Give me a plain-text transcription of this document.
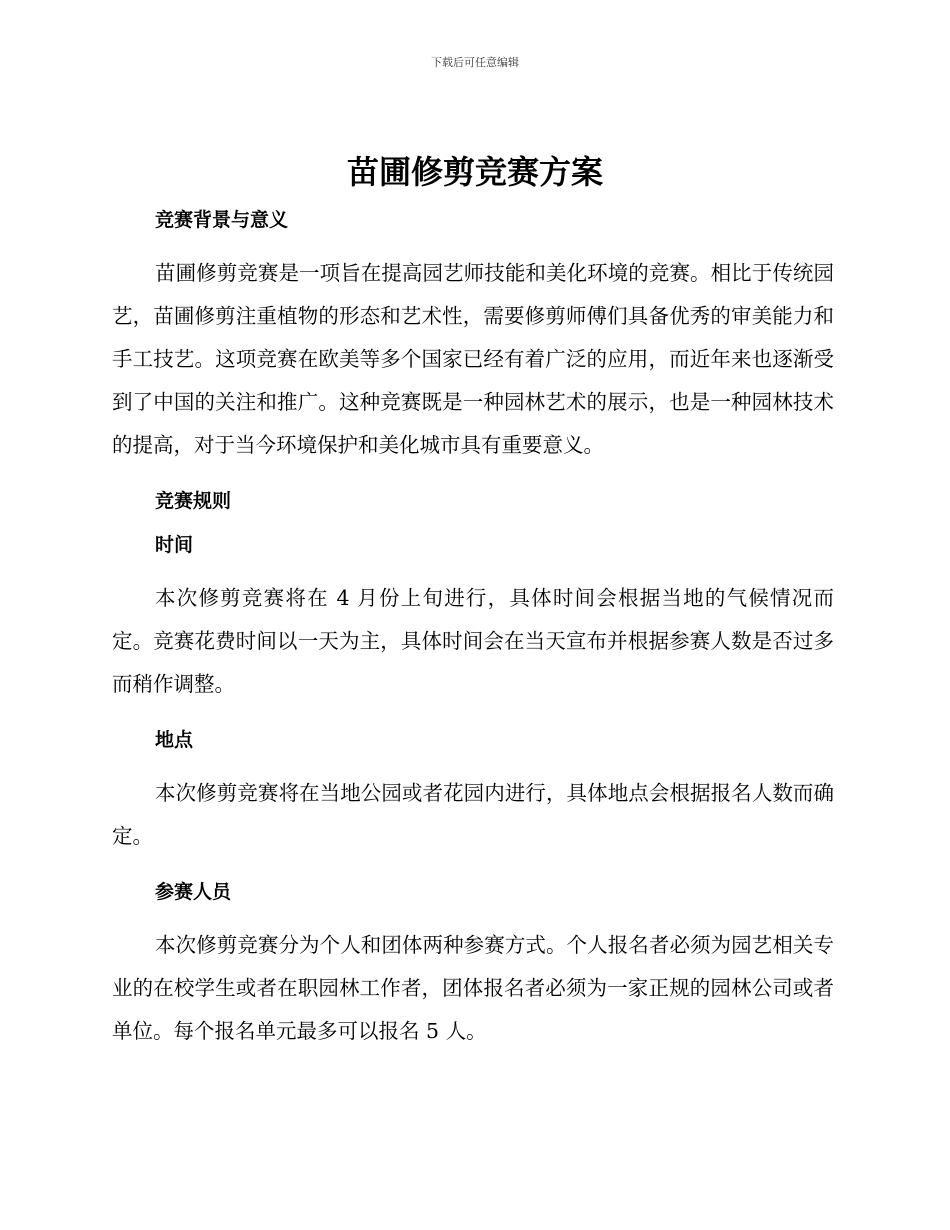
下载后可任意编辑
苗圃修剪竞赛方案
竞赛背景与意义

苗圃修剪竞赛是一项旨在提高园艺师技能和美化环境的竞赛。相比于传统园艺，苗圃修剪注重植物的形态和艺术性，需要修剪师傅们具备优秀的审美能力和手工技艺。这项竞赛在欧美等多个国家已经有着广泛的应用，而近年来也逐渐受到了中国的关注和推广。这种竞赛既是一种园林艺术的展示，也是一种园林技术的提高，对于当今环境保护和美化城市具有重要意义。

竞赛规则
时间

本次修剪竞赛将在 4 月份上旬进行，具体时间会根据当地的气候情况而定。竞赛花费时间以一天为主，具体时间会在当天宣布并根据参赛人数是否过多而稍作调整。

地点

本次修剪竞赛将在当地公园或者花园内进行，具体地点会根据报名人数而确定。

参赛人员

本次修剪竞赛分为个人和团体两种参赛方式。个人报名者必须为园艺相关专业的在校学生或者在职园林工作者，团体报名者必须为一家正规的园林公司或者单位。每个报名单元最多可以报名 5 人。
